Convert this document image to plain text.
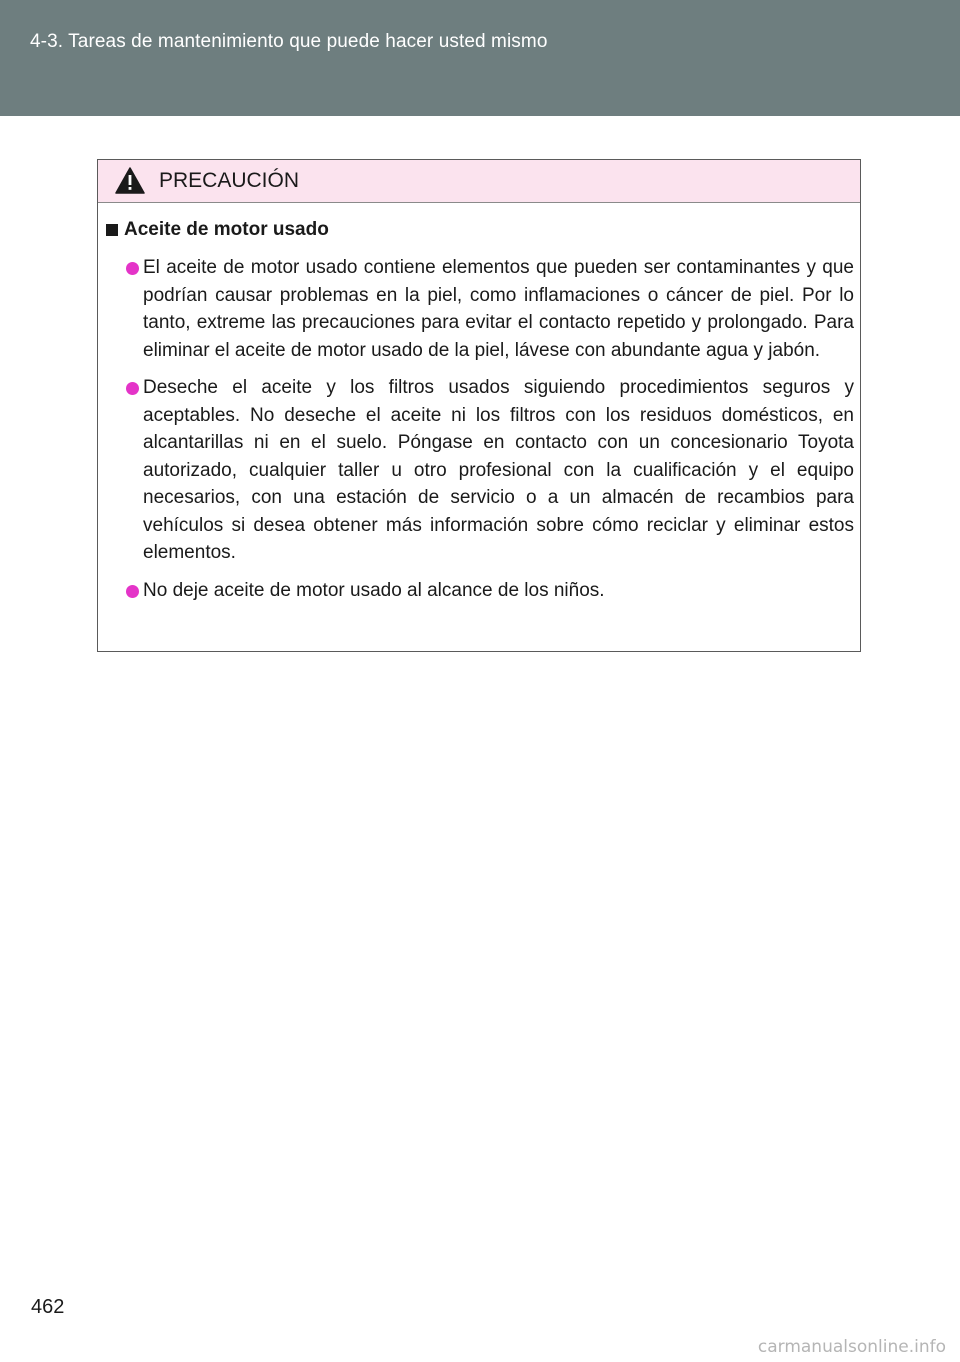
4-3. Tareas de mantenimiento que puede hacer usted mismo
PRECAUCIÓN
Aceite de motor usado
El aceite de motor usado contiene elementos que pueden ser contaminantes y que podrían causar problemas en la piel, como inflamaciones o cáncer de piel. Por lo tanto, extreme las precauciones para evitar el contacto repetido y prolongado. Para eliminar el aceite de motor usado de la piel, lávese con abundante agua y jabón.
Deseche el aceite y los filtros usados siguiendo procedimientos seguros y aceptables. No deseche el aceite ni los filtros con los residuos domésticos, en alcantarillas ni en el suelo. Póngase en contacto con un concesionario Toyota autorizado, cualquier taller u otro profesional con la cualificación y el equipo necesarios, con una estación de servicio o a un almacén de recambios para vehículos si desea obtener más información sobre cómo reciclar y eliminar estos elementos.
No deje aceite de motor usado al alcance de los niños.
462
carmanualsonline.info
